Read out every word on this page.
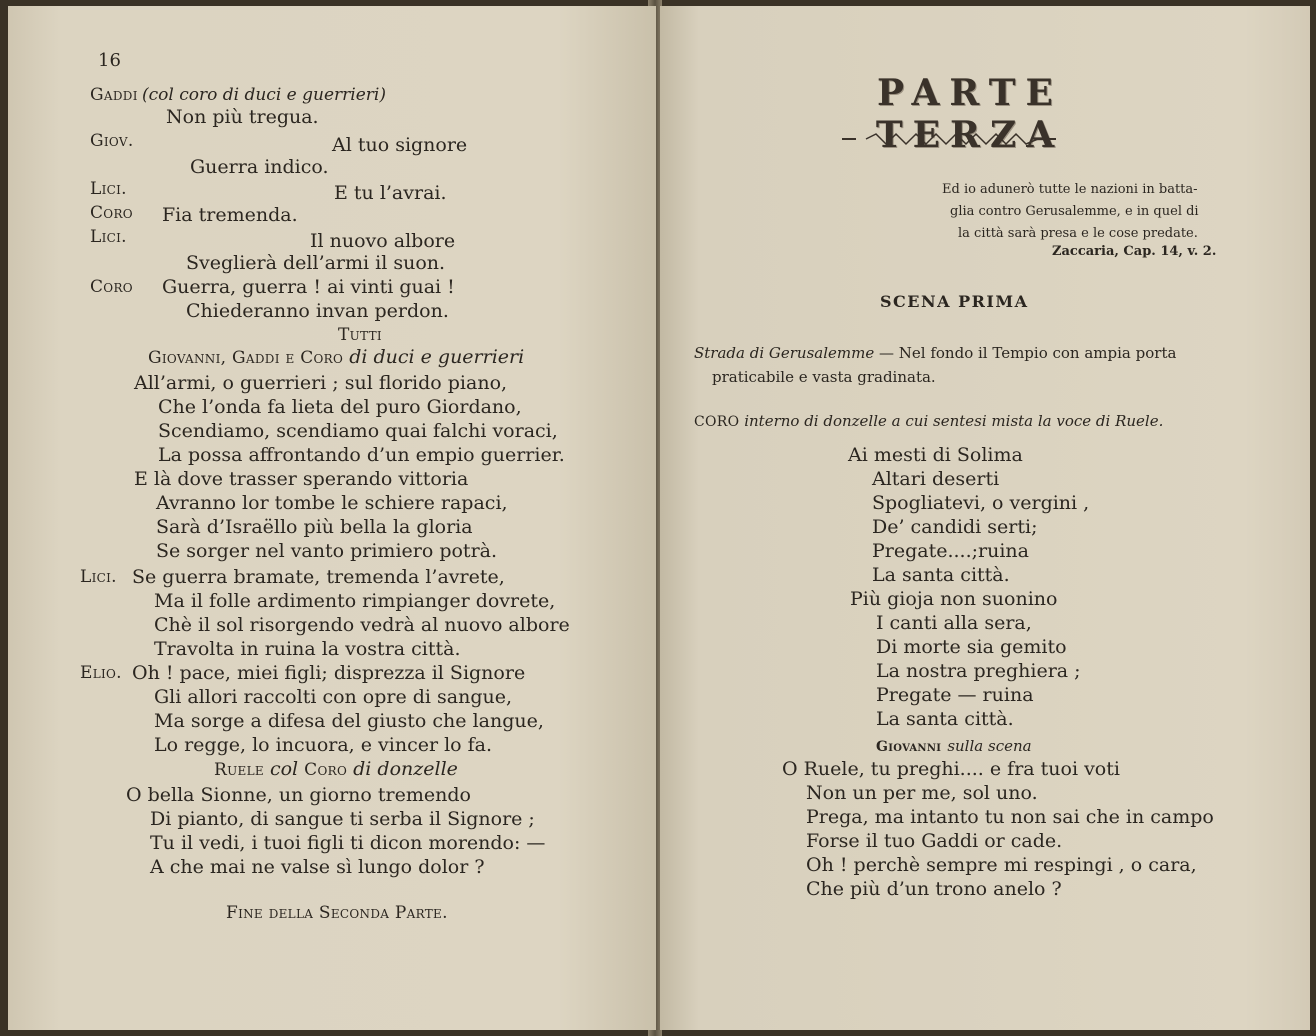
16
Gaddi (col coro di duci e guerrieri)
Non più tregua.
Giov.	Al tuo signore
Guerra indico.
Lici.	E tu l’avrai.
Coro Fia tremenda.
Lici.	Il nuovo albore
Sveglierà dell’armi il suon.
Coro Guerra, guerra ! ai vinti guai !
Chiederanno invan perdon.
Tutti
Giovanni, Gaddi e Coro di duci e guerrieri
All’armi, o guerrieri ; sul florido piano,
Che l’onda fa lieta del puro Giordano,
Scendiamo, scendiamo quai falchi voraci,
La possa affrontando d’un empio guerrier.
E là dove trasser sperando vittoria
Avranno lor tombe le schiere rapaci,
Sarà d’Israëllo più bella la gloria
Se sorger nel vanto primiero potrà.
Lici. Se guerra bramate, tremenda l’avrete,
Ma il folle ardimento rimpianger dovrete,
Chè il sol risorgendo vedrà al nuovo albore
Travolta in ruina la vostra città.
Elio. Oh ! pace, miei figli; disprezza il Signore
Gli allori raccolti con opre di sangue,
Ma sorge a difesa del giusto che langue,
Lo regge, lo incuora, e vincer lo fa.
Ruele col Coro di donzelle
O bella Sionne, un giorno tremendo
Di pianto, di sangue ti serba il Signore ;
Tu il vedi, i tuoi figli ti dicon morendo: —
A che mai ne valse sì lungo dolor ?
Fine della Seconda Parte.
PARTE TERZA
Ed io adunerò tutte le nazioni in batta-
glia contro Gerusalemme, e in quel di
la città sarà presa e le cose predate.
Zaccaria, Cap. 14, v. 2.
SCENA PRIMA
Strada di Gerusalemme — Nel fondo il Tempio con ampia porta
praticabile e vasta gradinata.
CORO interno di donzelle a cui sentesi mista la voce di Ruele.
Ai mesti di Solima
Altari deserti
Spogliatevi, o vergini ,
De’ candidi serti;
Pregate....;ruina
La santa città.
Più gioja non suonino
I canti alla sera,
Di morte sia gemito
La nostra preghiera ;
Pregate — ruina
La santa città.
Giovanni sulla scena
O Ruele, tu preghi.... e fra tuoi voti
Non un per me, sol uno.
Prega, ma intanto tu non sai che in campo
Forse il tuo Gaddi or cade.
Oh ! perchè sempre mi respingi , o cara,
Che più d’un trono anelo ?
